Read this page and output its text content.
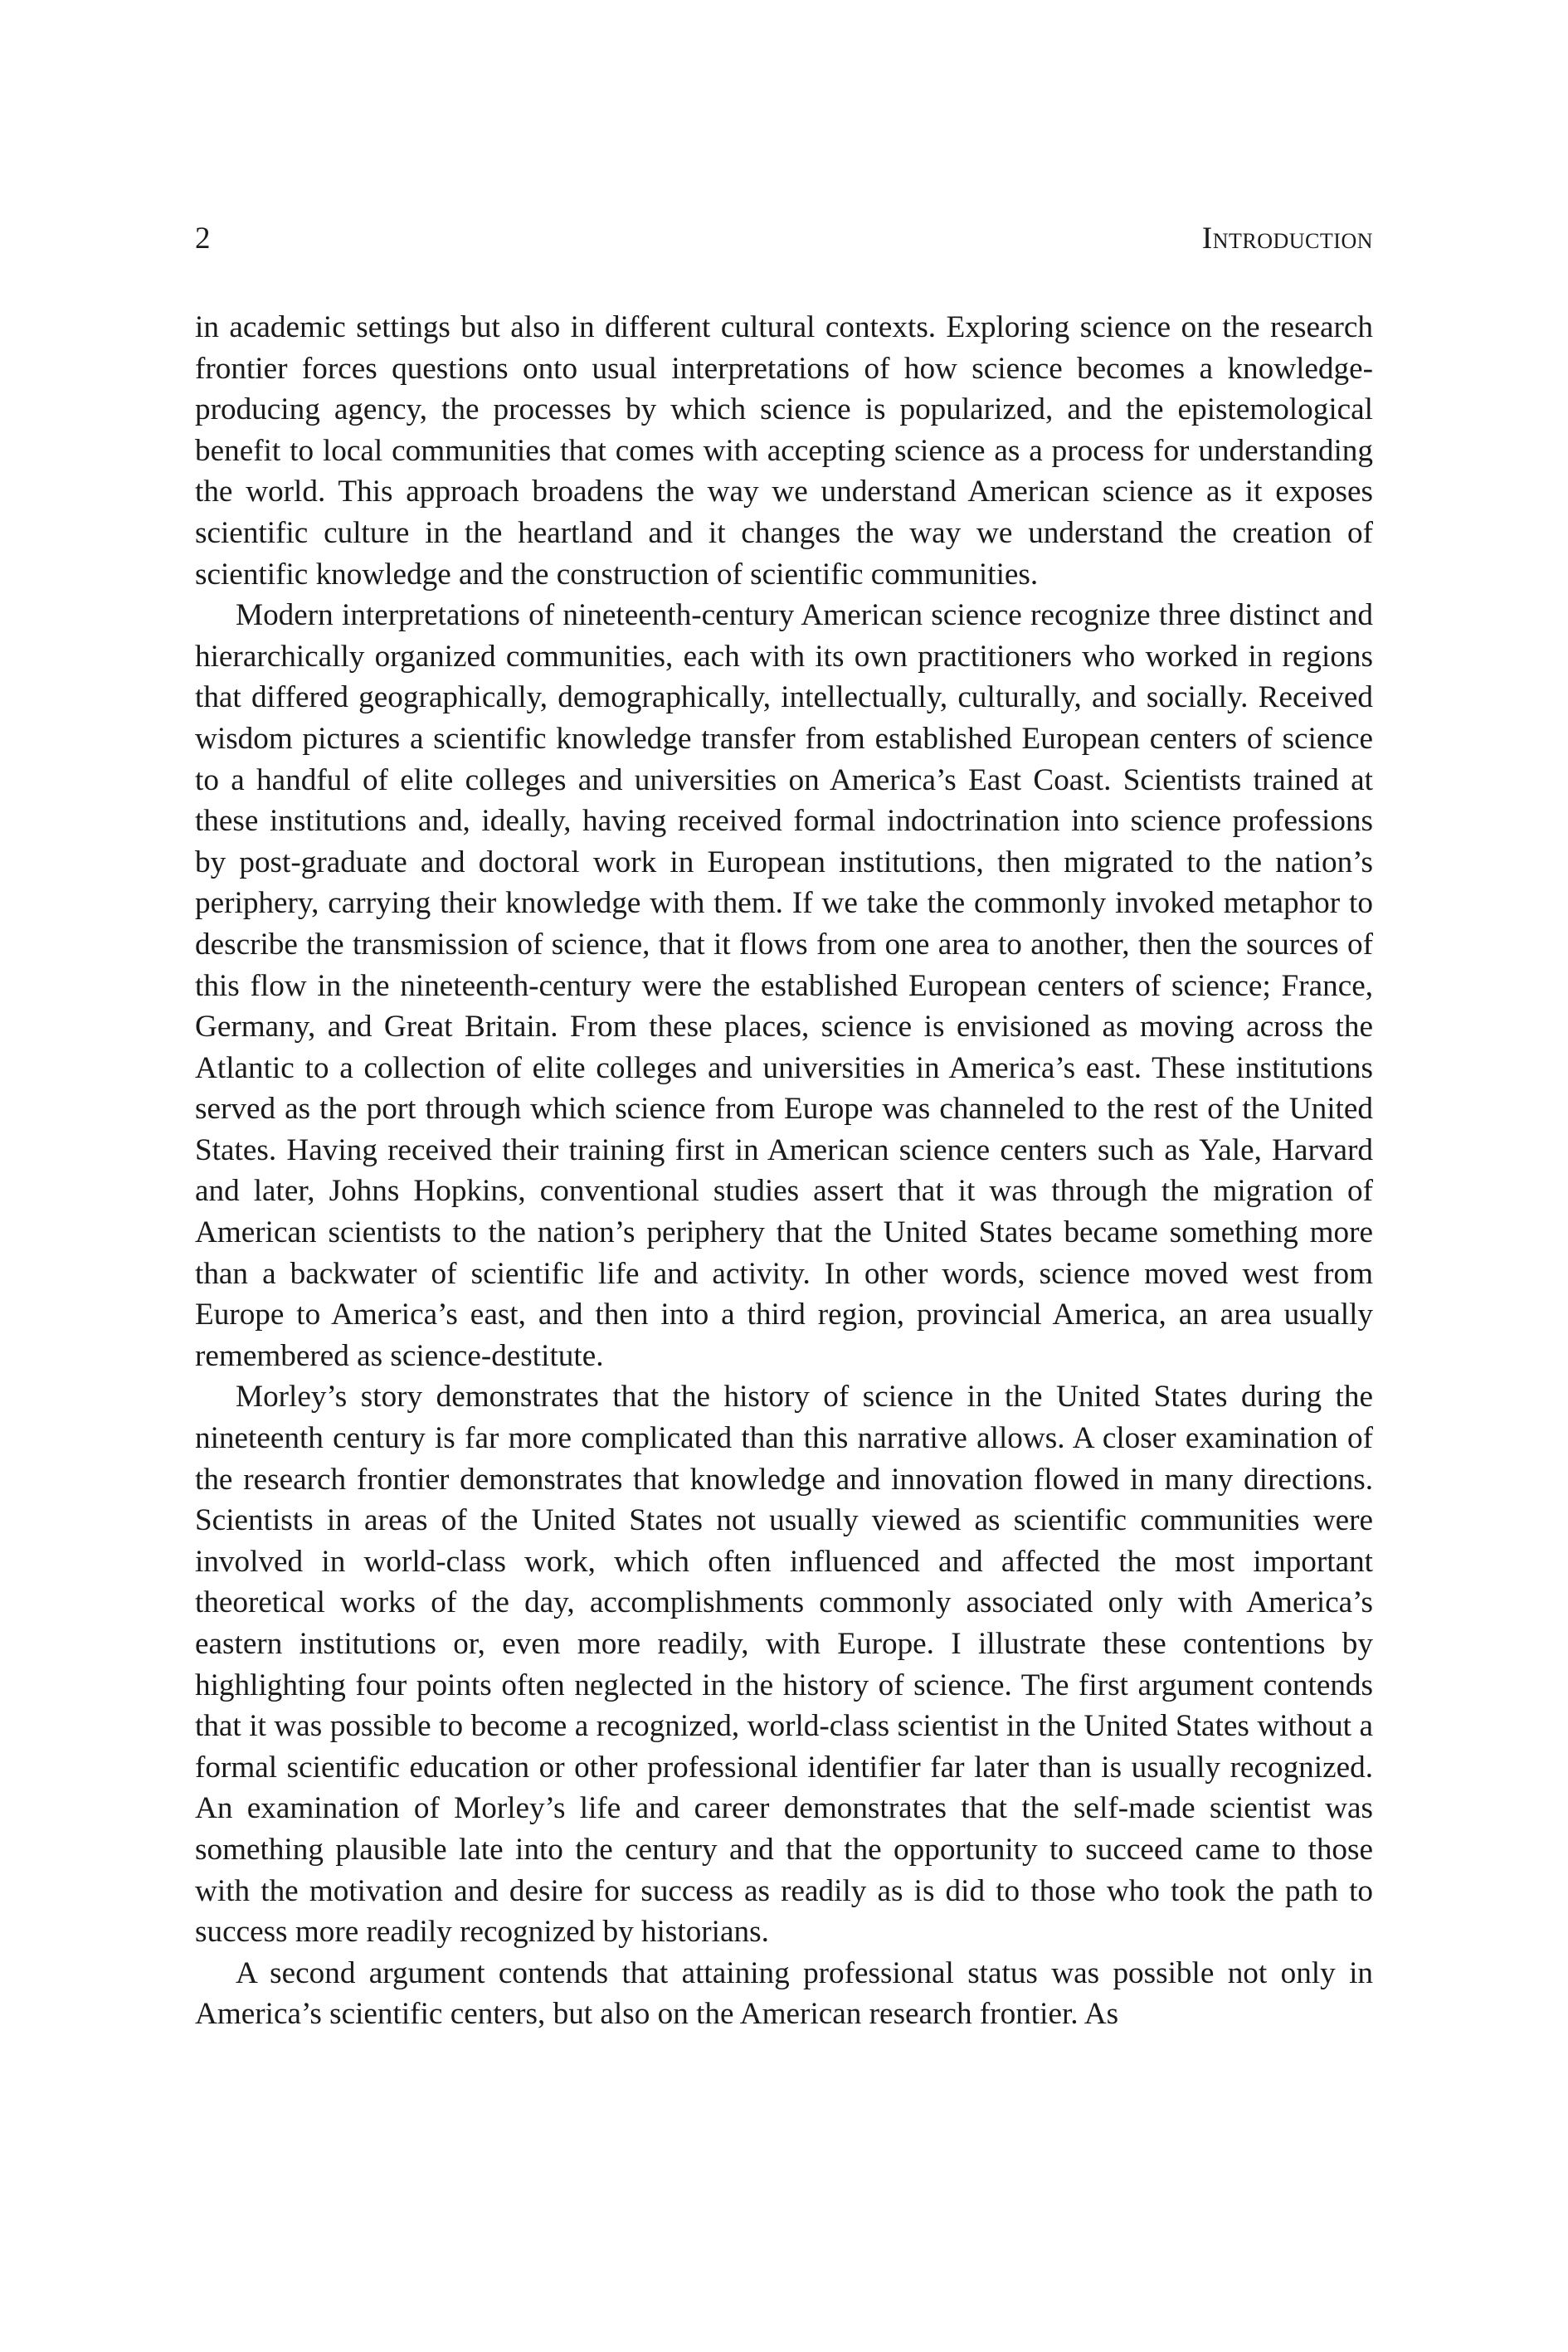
2	Introduction

in academic settings but also in different cultural contexts. Exploring science on the research frontier forces questions onto usual interpretations of how science becomes a knowledge-producing agency, the processes by which science is popularized, and the epistemological benefit to local communities that comes with accepting science as a process for understanding the world. This approach broadens the way we understand American science as it exposes scientific culture in the heartland and it changes the way we understand the creation of scientific knowledge and the construction of scientific communities.

Modern interpretations of nineteenth-century American science recognize three distinct and hierarchically organized communities, each with its own practitioners who worked in regions that differed geographically, demographically, intellectually, culturally, and socially. Received wisdom pictures a scientific knowledge transfer from established European centers of science to a handful of elite colleges and universities on America’s East Coast. Scientists trained at these institutions and, ideally, having received formal indoctrination into science professions by post-graduate and doctoral work in European institutions, then migrated to the nation’s periphery, carrying their knowledge with them. If we take the commonly invoked metaphor to describe the transmission of science, that it flows from one area to another, then the sources of this flow in the nineteenth-century were the established European centers of science; France, Germany, and Great Britain. From these places, science is envisioned as moving across the Atlantic to a collection of elite colleges and universities in America’s east. These institutions served as the port through which science from Europe was channeled to the rest of the United States. Having received their training first in American science centers such as Yale, Harvard and later, Johns Hopkins, conventional studies assert that it was through the migration of American scientists to the nation’s periphery that the United States became something more than a backwater of scientific life and activity. In other words, science moved west from Europe to America’s east, and then into a third region, provincial America, an area usually remembered as science-destitute.

Morley’s story demonstrates that the history of science in the United States during the nineteenth century is far more complicated than this narrative allows. A closer examination of the research frontier demonstrates that knowledge and innovation flowed in many directions. Scientists in areas of the United States not usually viewed as scientific communities were involved in world-class work, which often influenced and affected the most important theoretical works of the day, accomplishments commonly associated only with America’s eastern institutions or, even more readily, with Europe. I illustrate these contentions by highlighting four points often neglected in the history of science. The first argument contends that it was possible to become a recognized, world-class scientist in the United States without a formal scientific education or other professional identifier far later than is usually recognized. An examination of Morley’s life and career demonstrates that the self-made scientist was something plausible late into the century and that the opportunity to succeed came to those with the motivation and desire for success as readily as is did to those who took the path to success more readily recognized by historians.

A second argument contends that attaining professional status was possible not only in America’s scientific centers, but also on the American research frontier. As
